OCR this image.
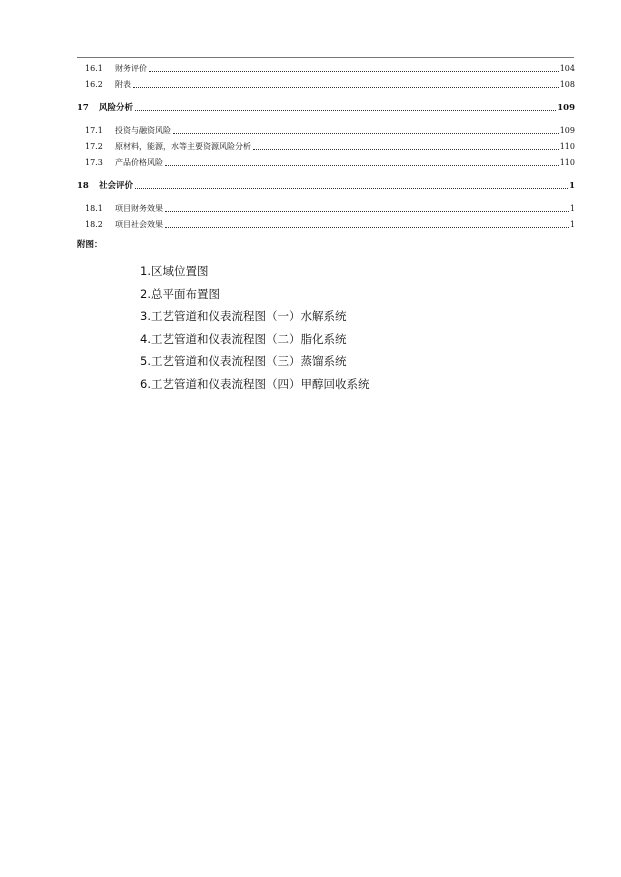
16.1	财务评价	104
16.2	附表	108
17	风险分析	109
17.1	投资与融资风险	109
17.2	原材料，能源，水等主要资源风险分析	110
17.3	产品价格风险	110
18	社会评价	1
18.1	项目财务效果	1
18.2	项目社会效果	1
附图：
1.区域位置图
2.总平面布置图
3.工艺管道和仪表流程图（一）水解系统
4.工艺管道和仪表流程图（二）脂化系统
5.工艺管道和仪表流程图（三）蒸馏系统
6.工艺管道和仪表流程图（四）甲醇回收系统
